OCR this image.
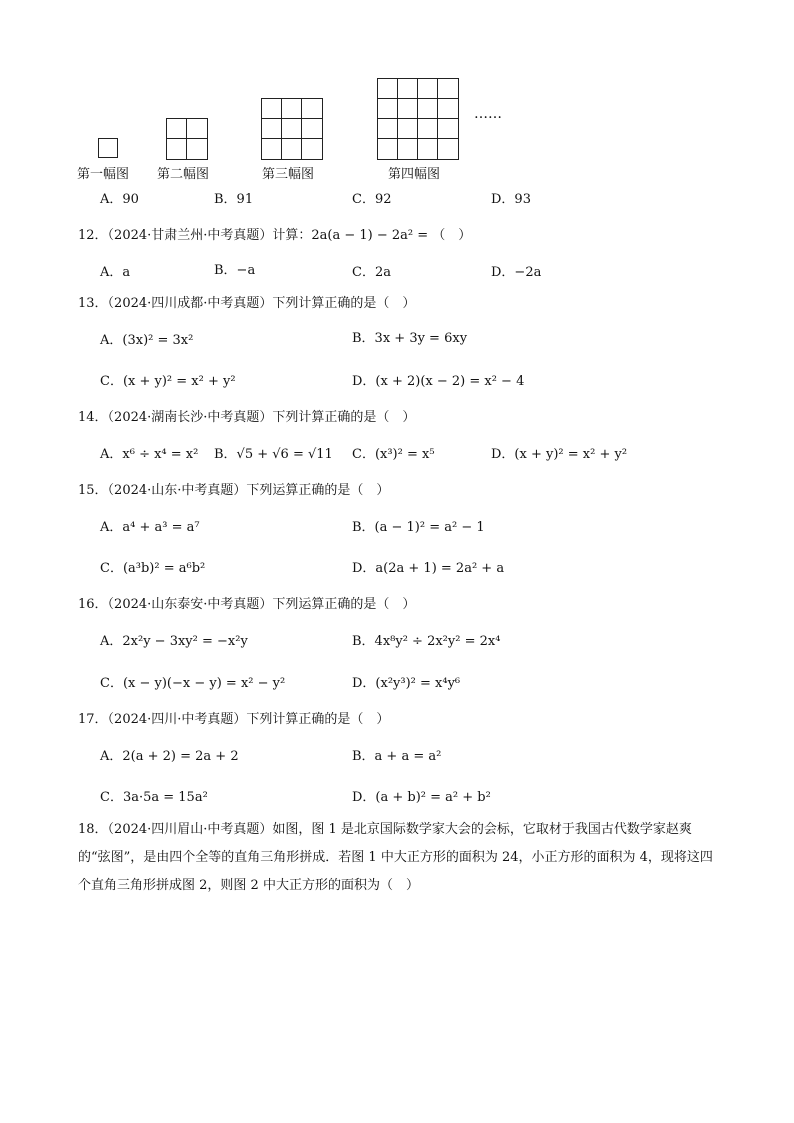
……
第一幅图 第二幅图	第三幅图	第四幅图
A．90	B．91	C．92	D．93
12．（2024·甘肃兰州·中考真题）计算：2a(a − 1) − 2a² = （　）
A．a	B．−a	C．2a	D．−2a
13．（2024·四川成都·中考真题）下列计算正确的是（　）
A．(3x)² = 3x²	B．3x + 3y = 6xy
C．(x + y)² = x² + y²	D．(x + 2)(x − 2) = x² − 4
14．（2024·湖南长沙·中考真题）下列计算正确的是（　）
A．x⁶ ÷ x⁴ = x² B．√5 + √6 = √11 C．(x³)² = x⁵	D．(x + y)² = x² + y²
15．（2024·山东·中考真题）下列运算正确的是（　）
A．a⁴ + a³ = a⁷	B．(a − 1)² = a² − 1
C．(a³b)² = a⁶b²	D．a(2a + 1) = 2a² + a
16．（2024·山东泰安·中考真题）下列运算正确的是（　）
A．2x²y − 3xy² = −x²y	B．4x⁸y² ÷ 2x²y² = 2x⁴
C．(x − y)(−x − y) = x² − y²	D．(x²y³)² = x⁴y⁶
17．（2024·四川·中考真题）下列计算正确的是（　）
A．2(a + 2) = 2a + 2	B．a + a = a²
C．3a·5a = 15a²	D．(a + b)² = a² + b²
18．（2024·四川眉山·中考真题）如图，图 1 是北京国际数学家大会的会标，它取材于我国古代数学家赵爽的“弦图”，是由四个全等的直角三角形拼成．若图 1 中大正方形的面积为 24，小正方形的面积为 4，现将这四个直角三角形拼成图 2，则图 2 中大正方形的面积为（　）
